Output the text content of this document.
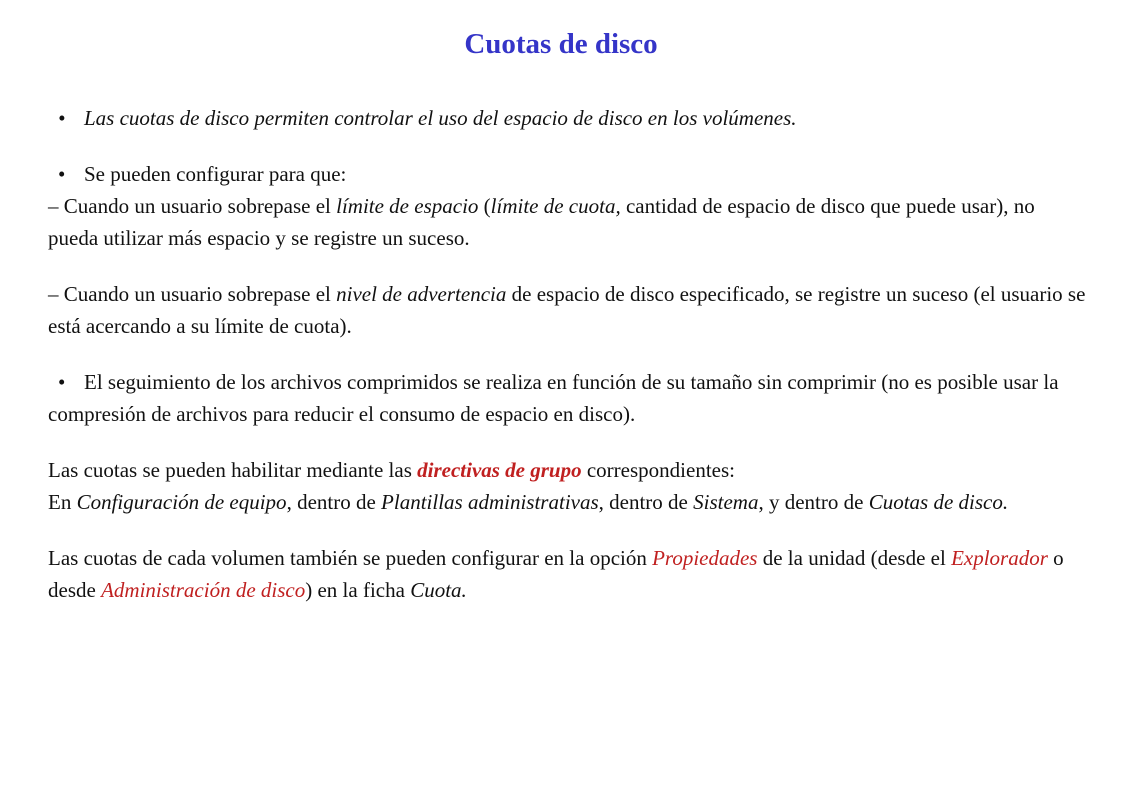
Cuotas de disco

• Las cuotas de disco permiten controlar el uso del espacio de disco en los volúmenes.

• Se pueden configurar para que:

– Cuando un usuario sobrepase el límite de espacio (límite de cuota, cantidad de espacio de disco que puede usar), no pueda utilizar más espacio y se registre un suceso.

– Cuando un usuario sobrepase el nivel de advertencia de espacio de disco especificado, se registre un suceso (el usuario se está acercando a su límite de cuota).

• El seguimiento de los archivos comprimidos se realiza en función de su tamaño sin comprimir (no es posible usar la compresión de archivos para reducir el consumo de espacio en disco).

Las cuotas se pueden habilitar mediante las directivas de grupo correspondientes:

En Configuración de equipo, dentro de Plantillas administrativas, dentro de Sistema, y dentro de Cuotas de disco.

Las cuotas de cada volumen también se pueden configurar en la opción Propiedades de la unidad (desde el Explorador o desde Administración de disco) en la ficha Cuota.
